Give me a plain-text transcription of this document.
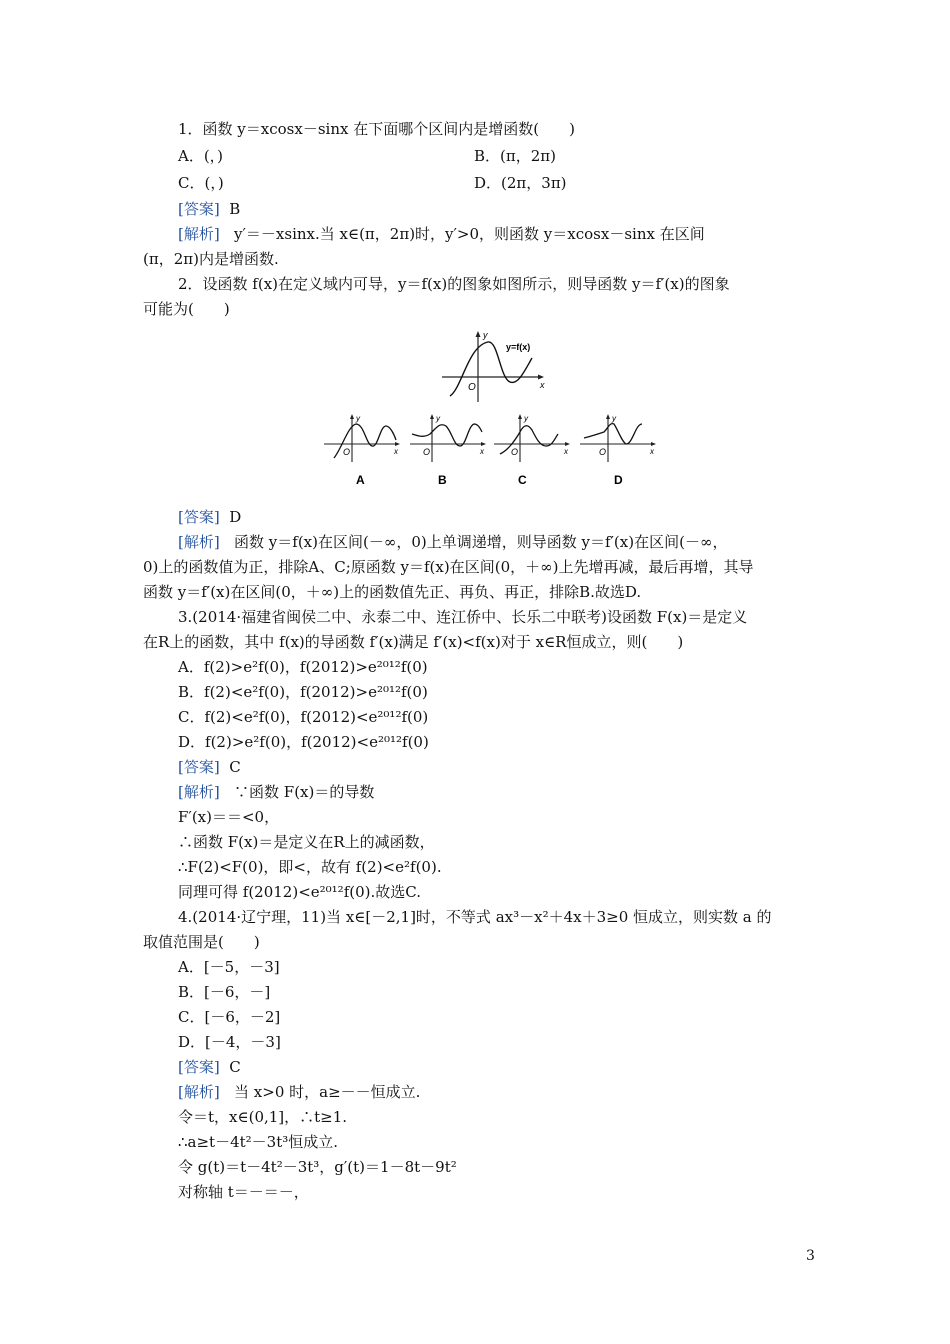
1．函数 y＝xcosx－sinx 在下面哪个区间内是增函数(　　)
A．(，)	B．(π，2π)
C．(，)	D．(2π，3π)
[答案] B
[解析] y′＝－xsinx.当 x∈(π，2π)时，y′>0，则函数 y＝xcosx－sinx 在区间
(π，2π)内是增函数.
2．设函数 f(x)在定义域内可导，y＝f(x)的图象如图所示，则导函数 y＝f′(x)的图象
可能为(　　)
y
x
O
y=f(x)
y
x
O
A
y
x
O
B
y
x
O
C
y
x
O
D
[答案] D
[解析] 函数 y＝f(x)在区间(－∞，0)上单调递增，则导函数 y＝f′(x)在区间(－∞，
0)上的函数值为正，排除A、C;原函数 y＝f(x)在区间(0，＋∞)上先增再减，最后再增，其导
函数 y＝f′(x)在区间(0，＋∞)上的函数值先正、再负、再正，排除B.故选D.
3.(2014·福建省闽侯二中、永泰二中、连江侨中、长乐二中联考)设函数 F(x)＝是定义
在R上的函数，其中 f(x)的导函数 f′(x)满足 f′(x)<f(x)对于 x∈R恒成立，则(　　)
A．f(2)>e²f(0)，f(2012)>e²⁰¹²f(0)
B．f(2)<e²f(0)，f(2012)>e²⁰¹²f(0)
C．f(2)<e²f(0)，f(2012)<e²⁰¹²f(0)
D．f(2)>e²f(0)，f(2012)<e²⁰¹²f(0)
[答案] C
[解析] ∵函数 F(x)＝的导数
F′(x)＝＝<0，
∴函数 F(x)＝是定义在R上的减函数，
∴F(2)<F(0)，即<，故有 f(2)<e²f(0).
同理可得 f(2012)<e²⁰¹²f(0).故选C.
4.(2014·辽宁理，11)当 x∈[－2,1]时，不等式 ax³－x²＋4x＋3≥0 恒成立，则实数 a 的
取值范围是(　　)
A．[－5，－3]
B．[－6，－]
C．[－6，－2]
D．[－4，－3]
[答案] C
[解析] 当 x>0 时，a≥－－恒成立.
令＝t，x∈(0,1]，∴t≥1.
∴a≥t－4t²－3t³恒成立.
令 g(t)＝t－4t²－3t³，g′(t)＝1－8t－9t²
对称轴 t＝－＝－，
3
